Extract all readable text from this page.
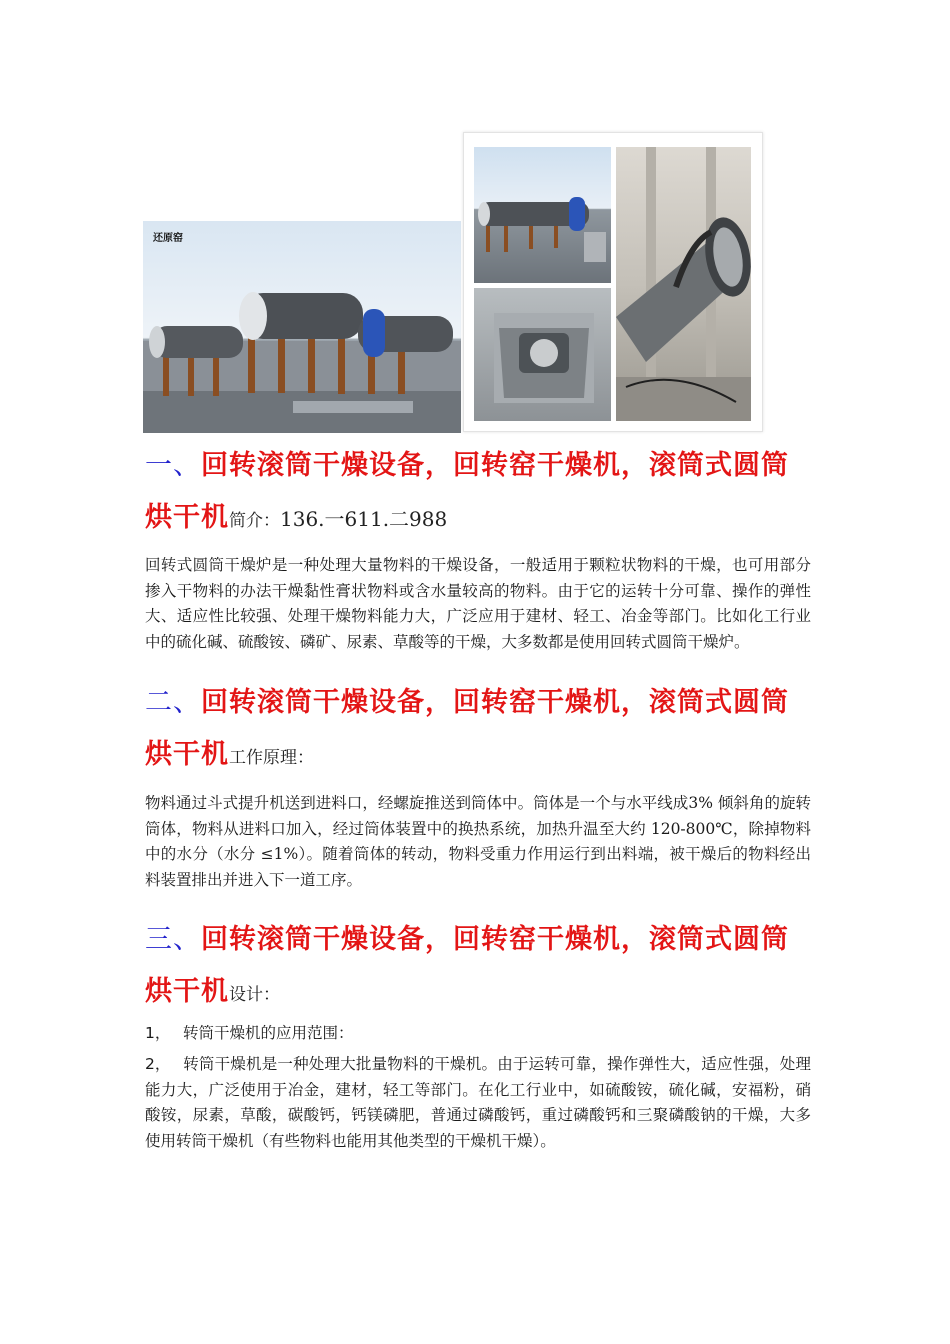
还原窑
一、回转滚筒干燥设备，回转窑干燥机，滚筒式圆筒
烘干机简介：136.一611.二988
回转式圆筒干燥炉是一种处理大量物料的干燥设备，一般适用于颗粒状物料的干燥，也可用部分掺入干物料的办法干燥黏性膏状物料或含水量较高的物料。由于它的运转十分可靠、操作的弹性大、适应性比较强、处理干燥物料能力大，广泛应用于建材、轻工、冶金等部门。比如化工行业中的硫化碱、硫酸铵、磷矿、尿素、草酸等的干燥，大多数都是使用回转式圆筒干燥炉。
二、回转滚筒干燥设备，回转窑干燥机，滚筒式圆筒
烘干机工作原理：
物料通过斗式提升机送到进料口，经螺旋推送到筒体中。筒体是一个与水平线成3% 倾斜角的旋转筒体，物料从进料口加入，经过筒体装置中的换热系统，加热升温至大约 120-800℃，除掉物料中的水分（水分 ≤1%）。随着筒体的转动，物料受重力作用运行到出料端，被干燥后的物料经出料装置排出并进入下一道工序。
三、回转滚筒干燥设备，回转窑干燥机，滚筒式圆筒
烘干机设计：
1， 转筒干燥机的应用范围：
2， 转筒干燥机是一种处理大批量物料的干燥机。由于运转可靠，操作弹性大，适应性强，处理能力大，广泛使用于冶金，建材，轻工等部门。在化工行业中，如硫酸铵，硫化碱，安福粉，硝酸铵，尿素，草酸，碳酸钙，钙镁磷肥，普通过磷酸钙，重过磷酸钙和三聚磷酸钠的干燥，大多使用转筒干燥机（有些物料也能用其他类型的干燥机干燥）。
